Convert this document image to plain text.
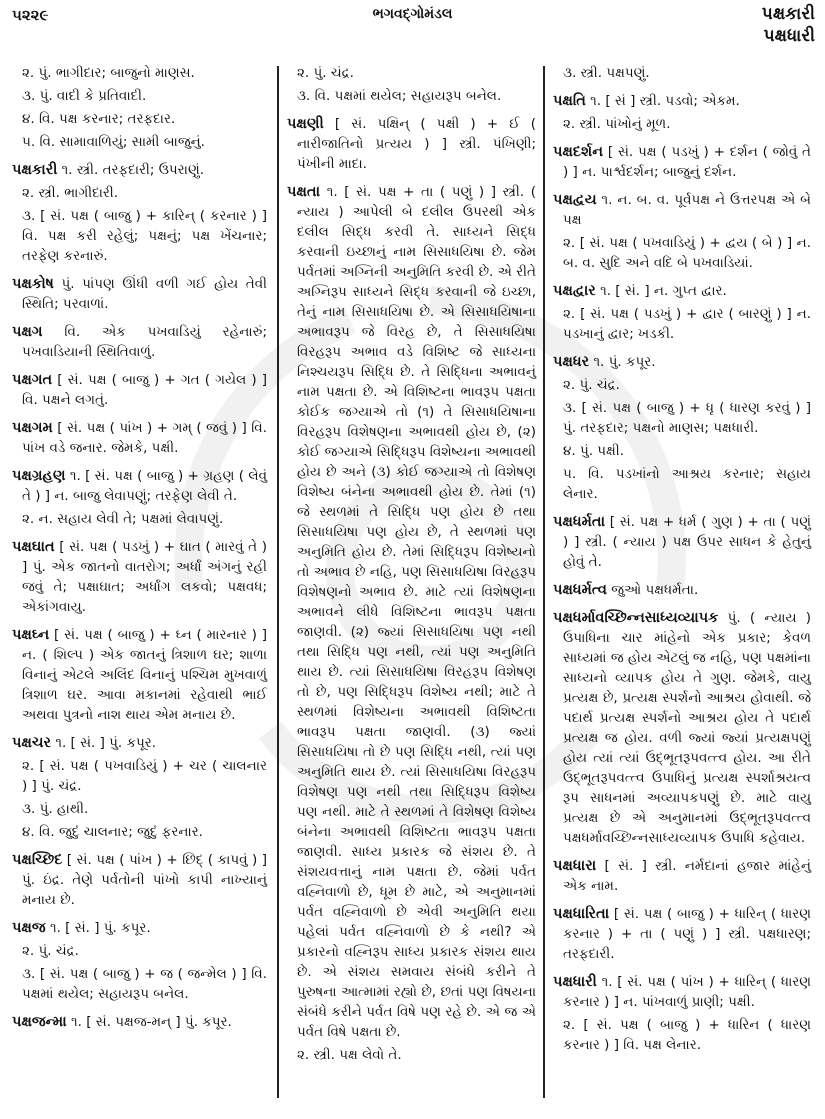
૫૨૨૯	ભગવદ્ગોમંડલ	પક્ષકારી
પક્ષધારી

૨. પું. ભાગીદાર; બાજુનો માણસ.

૩. પું. વાદી કે પ્રતિવાદી.

૪. વિ. પક્ષ કરનાર; તરફદાર.

૫. વિ. સામાવાળિયું; સામી બાજુનું.

પક્ષકારી ૧. સ્ત્રી. તરફદારી; ઉપરાણું.

૨. સ્ત્રી. ભાગીદારી.

૩. [ સં. પક્ષ ( બાજુ ) + કારિન્ ( કરનાર ) ] વિ. પક્ષ કરી રહેલું; પક્ષનું; પક્ષ ખેંચનાર; તરફેણ કરનારું.

પક્ષકોષ પું. પાંપણ ઊંધી વળી ગઈ હોય તેવી સ્થિતિ; પરવાળાં.

પક્ષગ વિ. એક પખવાડિયું રહેનારું; પખવાડિયાની સ્થિતિવાળું.

પક્ષગત [ સં. પક્ષ ( બાજુ ) + ગત ( ગયેલ ) ] વિ. પક્ષને લગતું.

પક્ષગમ [ સં. પક્ષ ( પાંખ ) + ગમ્ ( જવું ) ] વિ. પાંખ વડે જનાર. જેમકે, પક્ષી.

પક્ષગ્રહણ ૧. [ સં. પક્ષ ( બાજુ ) + ગ્રહણ ( લેવું તે ) ] ન. બાજુ લેવાપણું; તરફેણ લેવી તે.

૨. ન. સહાય લેવી તે; પક્ષમાં લેવાપણું.

પક્ષઘાત [ સં. પક્ષ ( પડખું ) + ઘાત ( મારવું તે ) ] પું. એક જાતનો વાતરોગ; અર્ધાં અંગનું રહી જવું તે; પક્ષાઘાત; અર્ધાંગ લકવો; પક્ષવધ; એકાંગવાયુ.

પક્ષઘ્ન [ સં. પક્ષ ( બાજુ ) + ઘ્ન ( મારનાર ) ] ન. ( શિલ્પ ) એક જાતનું ત્રિશાળ ઘર; શાળા વિનાનું એટલે અલિંદ વિનાનું પશ્ચિમ મુખવાળું ત્રિશાળ ઘર. આવા મકાનમાં રહેવાથી ભાઈ અથવા પુત્રનો નાશ થાય એમ મનાય છે.

પક્ષચર ૧. [ સં. ] પું. કપૂર.

૨. [ સં. પક્ષ ( પખવાડિયું ) + ચર ( ચાલનાર ) ] પું. ચંદ્ર.

૩. પું. હાથી.

૪. વિ. જુદું ચાલનાર; જુદું ફરનાર.

પક્ષચ્છિદ [ સં. પક્ષ ( પાંખ ) + છિદ્ ( કાપવું ) ] પું. ઇંદ્ર. તેણે પર્વતોની પાંખો કાપી નાખ્યાનું મનાય છે.

પક્ષજ ૧. [ સં. ] પું. કપૂર.

૨. પું. ચંદ્ર.

૩. [ સં. પક્ષ ( બાજુ ) + જ ( જન્મેલ ) ] વિ. પક્ષમાં થયેલ; સહાયરૂપ બનેલ.

પક્ષજન્મા ૧. [ સં. પક્ષજ-મન્ ] પું. કપૂર.

૨. પું. ચંદ્ર.

૩. વિ. પક્ષમાં થયેલ; સહાયરૂપ બનેલ.

પક્ષણી [ સં. પક્ષિન્ ( પક્ષી ) + ઈ ( નારીજાતિનો પ્રત્યય ) ] સ્ત્રી. પંખિણી; પંખીની માદા.

પક્ષતા ૧. [ સં. પક્ષ + તા ( પણું ) ] સ્ત્રી. ( ન્યાય ) આપેલી બે દલીલ ઉપરથી એક દલીલ સિદ્ધ કરવી તે. સાધ્યને સિદ્ધ કરવાની ઇચ્છાનું નામ સિસાધયિષા છે. જેમ પર્વતમાં અગ્નિની અનુમિતિ કરવી છે. એ રીતે અગ્નિરૂપ સાધ્યને સિદ્ધ કરવાની જે ઇચ્છા, તેનું નામ સિસાધયિષા છે. એ સિસાધયિષાના અભાવરૂપ જે વિરહ છે, તે સિસાધયિષા વિરહરૂપ અભાવ વડે વિશિષ્ટ જે સાધ્યના નિશ્ચયરૂપ સિદ્ધિ છે. તે સિદ્ધિના અભાવનું નામ પક્ષતા છે. એ વિશિષ્ટના ભાવરૂપ પક્ષતા કોઈક જગ્યાએ તો (૧) તે સિસાધયિષાના વિરહરૂપ વિશેષણના અભાવથી હોય છે, (૨) કોઈ જગ્યાએ સિદ્ધિરૂપ વિશેષ્યના અભાવથી હોય છે અને (૩) કોઈ જગ્યાએ તો વિશેષણ વિશેષ્ય બંનેના અભાવથી હોય છે. તેમાં (૧) જે સ્થળમાં તે સિદ્ધિ પણ હોય છે તથા સિસાધયિષા પણ હોય છે, તે સ્થળમાં પણ અનુમિતિ હોય છે. તેમાં સિદ્ધિરૂપ વિશેષ્યનો તો અભાવ છે નહિ, પણ સિસાધયિષા વિરહરૂપ વિશેષણનો અભાવ છે. માટે ત્યાં વિશેષણના અભાવને લીધે વિશિષ્ટના ભાવરૂપ પક્ષતા જાણવી. (૨) જ્યાં સિસાધયિષા પણ નથી તથા સિદ્ધિ પણ નથી, ત્યાં પણ અનુમિતિ થાય છે. ત્યાં સિસાધયિષા વિરહરૂપ વિશેષણ તો છે, પણ સિદ્ધિરૂપ વિશેષ્ય નથી; માટે તે સ્થળમાં વિશેષ્યના અભાવથી વિશિષ્ટતા ભાવરૂપ પક્ષતા જાણવી. (૩) જ્યાં સિસાધયિષા તો છે પણ સિદ્ધિ નથી, ત્યાં પણ અનુમિતિ થાય છે. ત્યાં સિસાધયિષા વિરહરૂપ વિશેષણ પણ નથી તથા સિદ્ધિરૂપ વિશેષ્ય પણ નથી. માટે તે સ્થળમાં તે વિશેષણ વિશેષ્ય બંનેના અભાવથી વિશિષ્ટતા ભાવરૂપ પક્ષતા જાણવી. સાધ્ય પ્રકારક જે સંશય છે. તે સંશયવત્તાનું નામ પક્ષતા છે. જેમાં પર્વત વહ્નિવાળો છે, ધૂમ છે માટે, એ અનુમાનમાં પર્વત વહ્નિવાળો છે એવી અનુમિતિ થયા પહેલાં પર્વત વહ્નિવાળો છે કે નથી? એ પ્રકારનો વહ્નિરૂપ સાધ્ય પ્રકારક સંશય થાય છે. એ સંશય સમવાય સંબંધે કરીને તે પુરુષના આત્મામાં રહ્યો છે, છતાં પણ વિષયના સંબંધે કરીને પર્વત વિષે પણ રહે છે. એ જ એ પર્વત વિષે પક્ષતા છે.

૨. સ્ત્રી. પક્ષ લેવો તે.

૩. સ્ત્રી. પક્ષપણું.

પક્ષતિ ૧. [ સં ] સ્ત્રી. પડવો; એકમ.

૨. સ્ત્રી. પાંખોનું મૂળ.

પક્ષદર્શન [ સં. પક્ષ ( પડખું ) + દર્શન ( જોવું તે ) ] ન. પાર્શ્વદર્શન; બાજુનું દર્શન.

પક્ષદ્વય ૧. ન. બ. વ. પૂર્વપક્ષ ને ઉત્તરપક્ષ એ બે પક્ષ

૨. [ સં. પક્ષ ( પખવાડિયું ) + દ્વય ( બે ) ] ન. બ. વ. સુદિ અને વદિ બે પખવાડિયાં.

પક્ષદ્વાર ૧. [ સં. ] ન. ગુપ્ત દ્વાર.

૨. [ સં. પક્ષ ( પડખું ) + દ્વાર ( બારણું ) ] ન. પડખાનું દ્વાર; ખડકી.

પક્ષધર ૧. પું. કપૂર.

૨. પું. ચંદ્ર.

૩. [ સં. પક્ષ ( બાજુ ) + ધૃ ( ધારણ કરવું ) ] પું. તરફદાર; પક્ષનો માણસ; પક્ષધારી.

૪. પું. પક્ષી.

૫. વિ. પડખાંનો આશ્રય કરનાર; સહાય લેનાર.

પક્ષધર્મતા [ સં. પક્ષ + ધર્મ ( ગુણ ) + તા ( પણું ) ] સ્ત્રી. ( ન્યાય ) પક્ષ ઉપર સાધન કે હેતુનું હોવું તે.

પક્ષધર્મત્વ જુઓ પક્ષધર્મતા.

પક્ષધર્માવચ્છિન્નસાધ્યવ્યાપક પું. ( ન્યાય ) ઉપાધિના ચાર માંહેનો એક પ્રકાર; કેવળ સાધ્યમાં જ હોય એટલું જ નહિ, પણ પક્ષમાંના સાધ્યનો વ્યાપક હોય તે ગુણ. જેમકે, વાયુ પ્રત્યક્ષ છે, પ્રત્યક્ષ સ્પર્શનો આશ્રય હોવાથી. જે પદાર્થ પ્રત્યક્ષ સ્પર્શનો આશ્રય હોય તે પદાર્થ પ્રત્યક્ષ જ હોય. વળી જ્યાં જ્યાં પ્રત્યક્ષપણું હોય ત્યાં ત્યાં ઉદ્ભૂતરૂપવત્ત્વ હોય. આ રીતે ઉદ્ભૂતરૂપવત્ત્વ ઉપાધિનું પ્રત્યક્ષ સ્પર્શાશ્રયત્વ રૂપ સાધનમાં અવ્યાપકપણું છે. માટે વાયુ પ્રત્યક્ષ છે એ અનુમાનમાં ઉદ્ભૂતરૂપવત્ત્વ પક્ષધર્માવચ્છિન્નસાધ્યવ્યાપક ઉપાધિ કહેવાય.

પક્ષધારા [ સં. ] સ્ત્રી. નર્મદાનાં હજાર માંહેનું એક નામ.

પક્ષધારિતા [ સં. પક્ષ ( બાજુ ) + ધારિન્ ( ધારણ કરનાર ) + તા ( પણું ) ] સ્ત્રી. પક્ષધારણ; તરફદારી.

પક્ષધારી ૧. [ સં. પક્ષ ( પાંખ ) + ધારિન્ ( ધારણ કરનાર ) ] ન. પાંખવાળું પ્રાણી; પક્ષી.

૨. [ સં. પક્ષ ( બાજુ ) + ધારિન ( ધારણ કરનાર ) ] વિ. પક્ષ લેનાર.
